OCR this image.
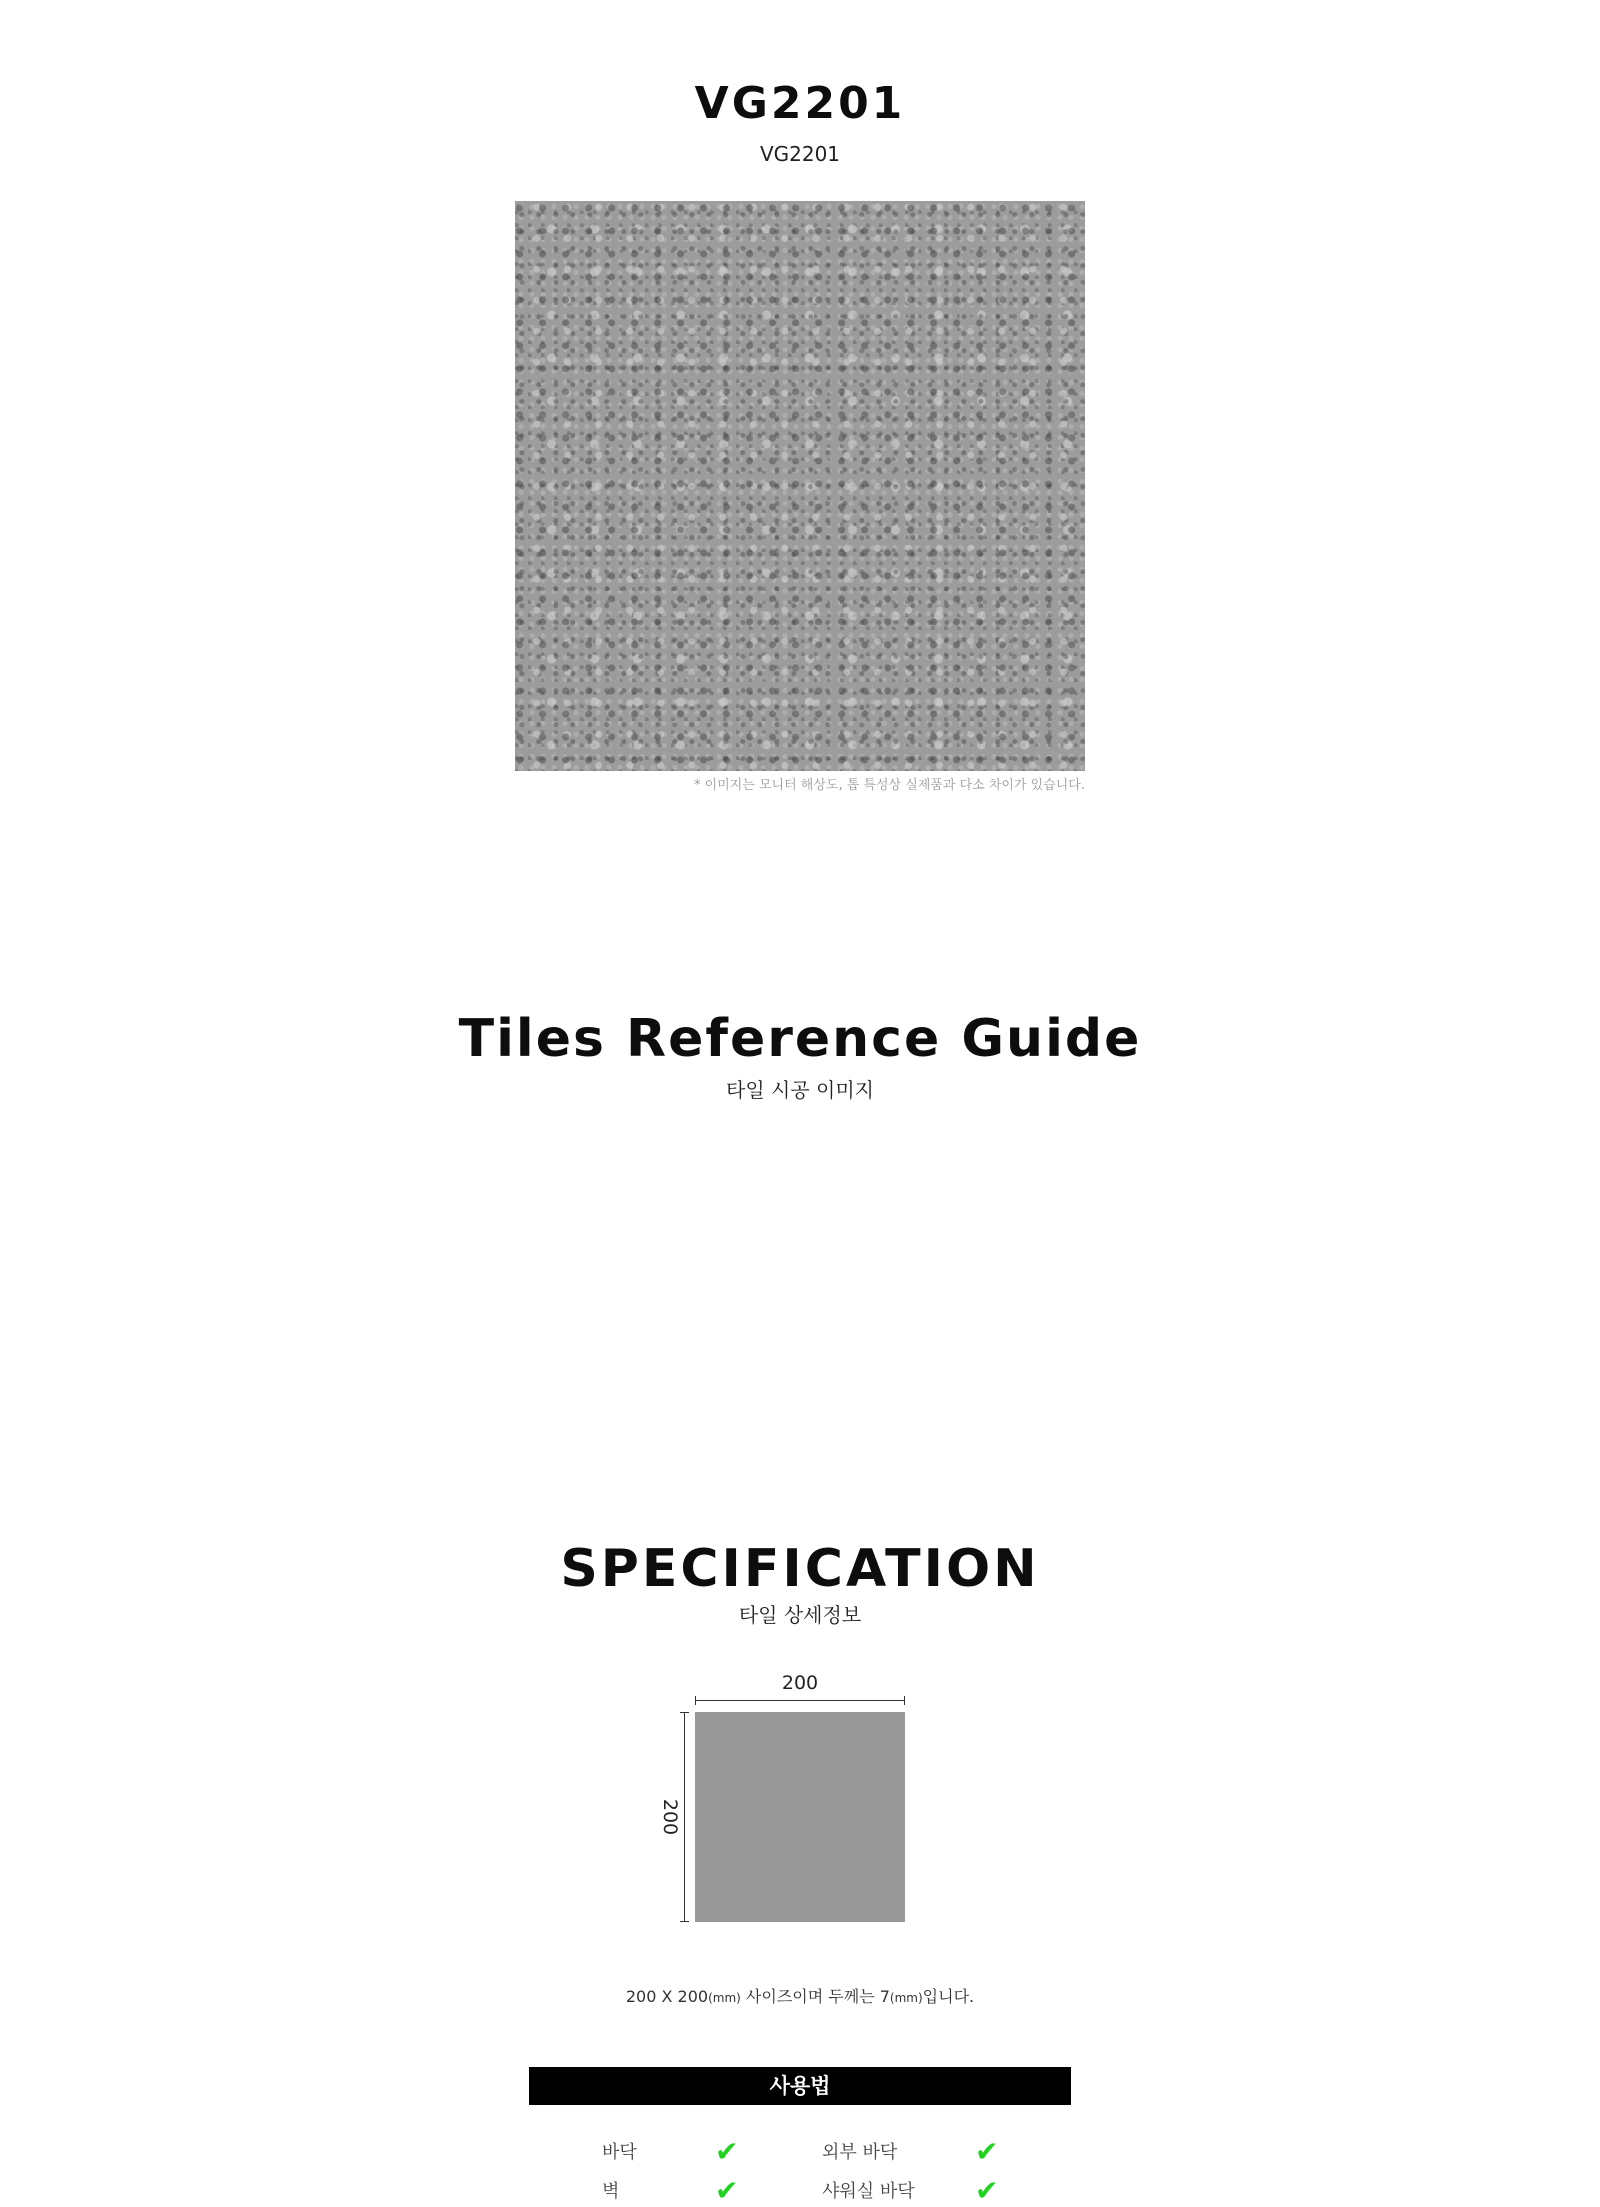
VG2201
VG2201
* 이미지는 모니터 해상도, 톱 특성상 실제품과 다소 차이가 있습니다.
Tiles Reference Guide
타일 시공 이미지
SPECIFICATION
타일 상세정보
200
200
200 X 200(mm) 사이즈이며 두께는 7(mm)입니다.
사용법
바닥	✔	외부 바닥	✔
벽	✔	샤워실 바닥 ✔
